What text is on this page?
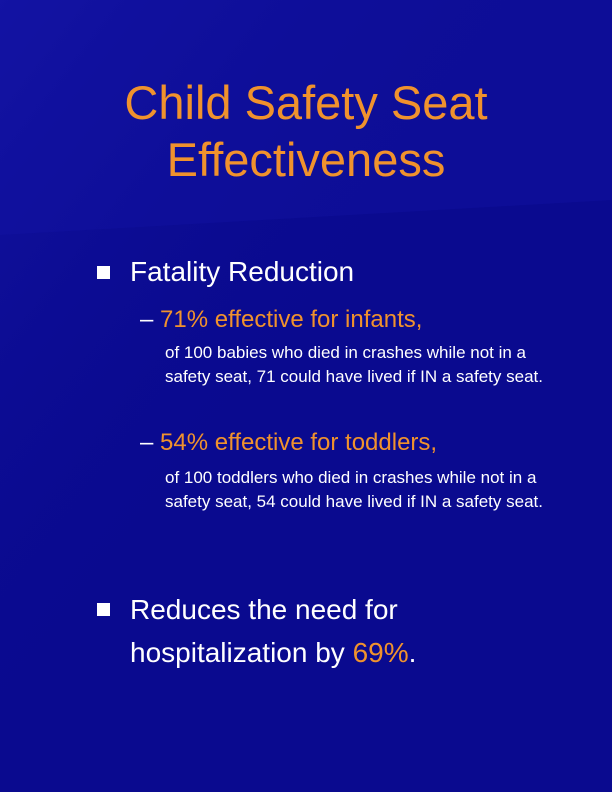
Child Safety Seat Effectiveness

Fatality Reduction

– 71% effective for infants,

of 100 babies who died in crashes while not in a safety seat, 71 could have lived if IN a safety seat.

– 54% effective for toddlers,

of 100 toddlers who died in crashes while not in a safety seat, 54 could have lived if IN a safety seat.

Reduces the need for

hospitalization by 69%.
